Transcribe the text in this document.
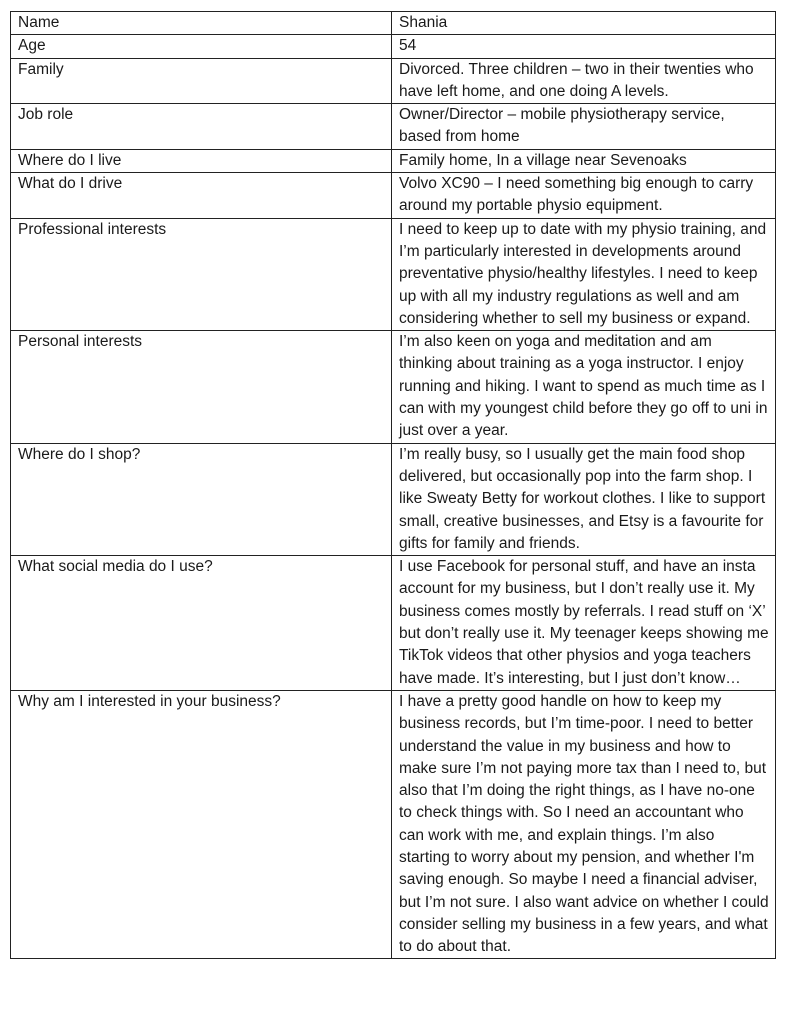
Name	Shania
Age	54
Family	Divorced. Three children – two in their twenties who have left home, and one doing A levels.
Job role	Owner/Director – mobile physiotherapy service, based from home
Where do I live	Family home, In a village near Sevenoaks
What do I drive	Volvo XC90 – I need something big enough to carry around my portable physio equipment.
Professional interests	I need to keep up to date with my physio training, and I’m particularly interested in developments around preventative physio/healthy lifestyles. I need to keep up with all my industry regulations as well and am considering whether to sell my business or expand.
Personal interests	I’m also keen on yoga and meditation and am thinking about training as a yoga instructor. I enjoy running and hiking. I want to spend as much time as I can with my youngest child before they go off to uni in just over a year.
Where do I shop?	I’m really busy, so I usually get the main food shop delivered, but occasionally pop into the farm shop. I like Sweaty Betty for workout clothes. I like to support small, creative businesses, and Etsy is a favourite for gifts for family and friends.
What social media do I use?	I use Facebook for personal stuff, and have an insta account for my business, but I don’t really use it. My business comes mostly by referrals. I read stuff on ‘X’ but don’t really use it. My teenager keeps showing me TikTok videos that other physios and yoga teachers have made. It’s interesting, but I just don’t know…
Why am I interested in your business?	I have a pretty good handle on how to keep my business records, but I’m time-poor. I need to better understand the value in my business and how to make sure I’m not paying more tax than I need to, but also that I’m doing the right things, as I have no-one to check things with. So I need an accountant who can work with me, and explain things. I’m also starting to worry about my pension, and whether I'm saving enough. So maybe I need a financial adviser, but I’m not sure. I also want advice on whether I could consider selling my business in a few years, and what to do about that.
